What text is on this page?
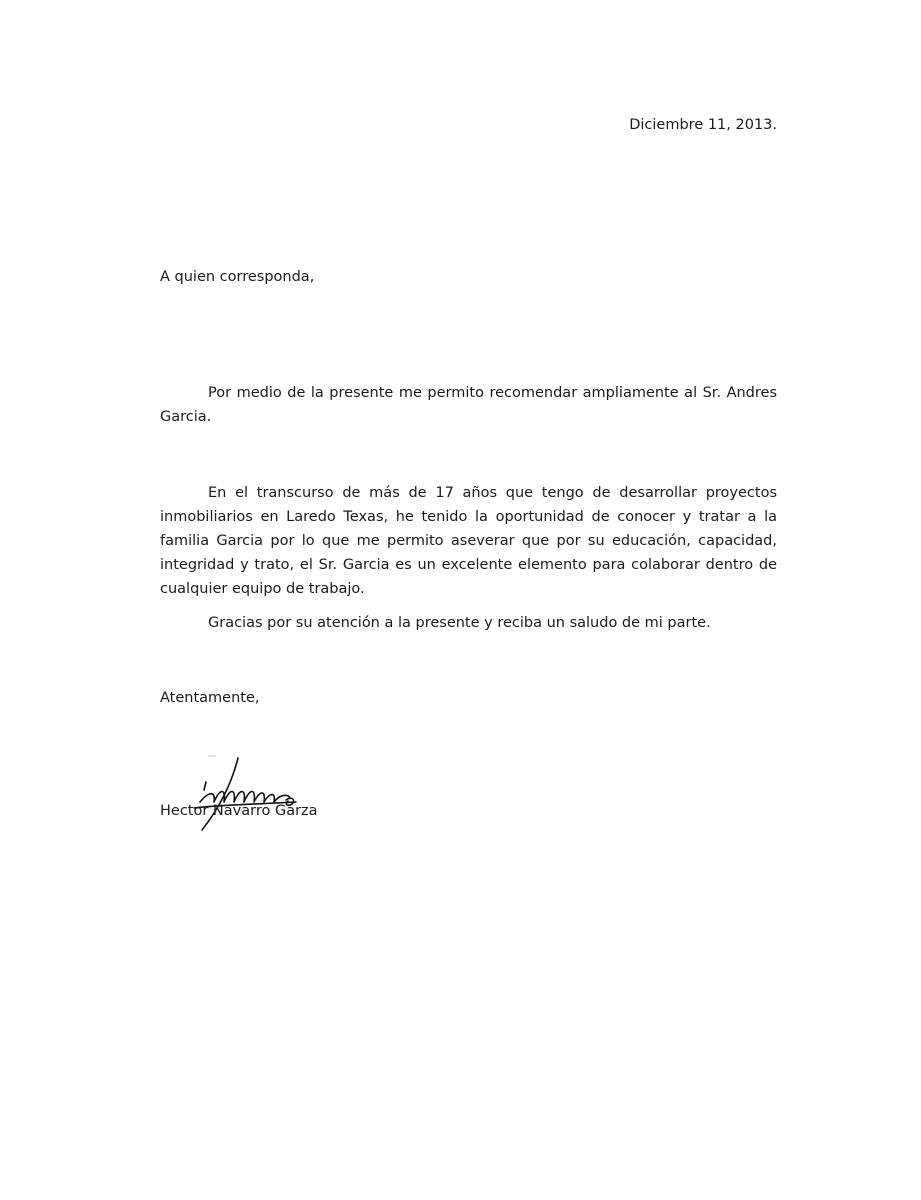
Diciembre 11, 2013.
A quien corresponda,

Por medio de la presente me permito recomendar ampliamente al Sr. Andres Garcia.

En el transcurso de más de 17 años que tengo de desarrollar proyectos inmobiliarios en Laredo Texas, he tenido la oportunidad de conocer y tratar a la familia Garcia por lo que me permito aseverar que por su educación, capacidad, integridad y trato, el Sr. Garcia es un excelente elemento para colaborar dentro de cualquier equipo de trabajo.

Gracias por su atención a la presente y reciba un saludo de mi parte.

Atentamente,
Hector Navarro Garza
